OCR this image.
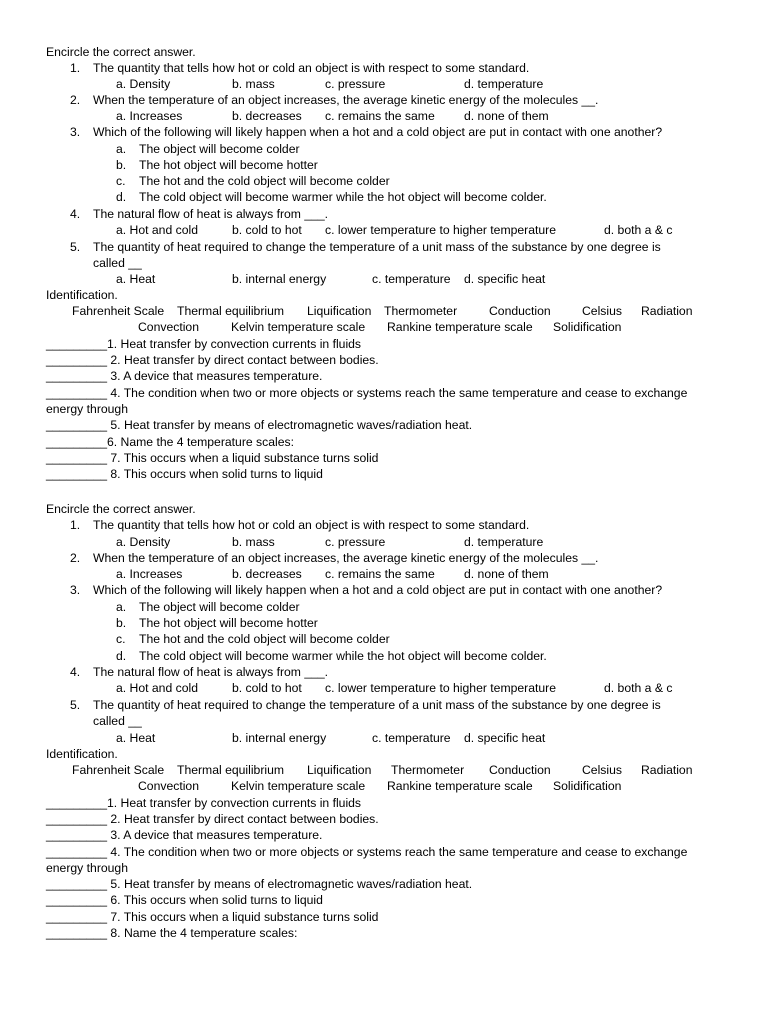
Encircle the correct answer.
1. The quantity that tells how hot or cold an object is with respect to some standard.
a. Density	b. mass	c. pressure	d. temperature
2. When the temperature of an object increases, the average kinetic energy of the molecules __.
a. Increases	b. decreases c. remains the same d. none of them
3. Which of the following will likely happen when a hot and a cold object are put in contact with one another?
a. The object will become colder
b. The hot object will become hotter
c. The hot and the cold object will become colder
d. The cold object will become warmer while the hot object will become colder.
4. The natural flow of heat is always from ___.
a. Hot and cold	b. cold to hot c. lower temperature to higher temperature	d. both a & c
5. The quantity of heat required to change the temperature of a unit mass of the substance by one degree is
called __
a. Heat	b. internal energy	c. temperature d. specific heat
Identification.
Fahrenheit Scale Thermal equilibrium Liquification Thermometer	Conduction	Celsius Radiation
Convection	Kelvin temperature scale Rankine temperature scale Solidification
_________1. Heat transfer by convection currents in fluids
_________ 2. Heat transfer by direct contact between bodies.
_________ 3. A device that measures temperature.
_________ 4. The condition when two or more objects or systems reach the same temperature and cease to exchange
energy through
_________ 5. Heat transfer by means of electromagnetic waves/radiation heat.
_________6. Name the 4 temperature scales:
_________ 7. This occurs when a liquid substance turns solid
_________ 8. This occurs when solid turns to liquid
Encircle the correct answer.
1. The quantity that tells how hot or cold an object is with respect to some standard.
a. Density	b. mass	c. pressure	d. temperature
2. When the temperature of an object increases, the average kinetic energy of the molecules __.
a. Increases	b. decreases c. remains the same d. none of them
3. Which of the following will likely happen when a hot and a cold object are put in contact with one another?
a. The object will become colder
b. The hot object will become hotter
c. The hot and the cold object will become colder
d. The cold object will become warmer while the hot object will become colder.
4. The natural flow of heat is always from ___.
a. Hot and cold	b. cold to hot c. lower temperature to higher temperature	d. both a & c
5. The quantity of heat required to change the temperature of a unit mass of the substance by one degree is
called __
a. Heat	b. internal energy	c. temperature d. specific heat
Identification.
Fahrenheit Scale Thermal equilibrium Liquification Thermometer Conduction	Celsius Radiation
Convection	Kelvin temperature scale Rankine temperature scale Solidification
_________1. Heat transfer by convection currents in fluids
_________ 2. Heat transfer by direct contact between bodies.
_________ 3. A device that measures temperature.
_________ 4. The condition when two or more objects or systems reach the same temperature and cease to exchange
energy through
_________ 5. Heat transfer by means of electromagnetic waves/radiation heat.
_________ 6. This occurs when solid turns to liquid
_________ 7. This occurs when a liquid substance turns solid
_________ 8. Name the 4 temperature scales:
